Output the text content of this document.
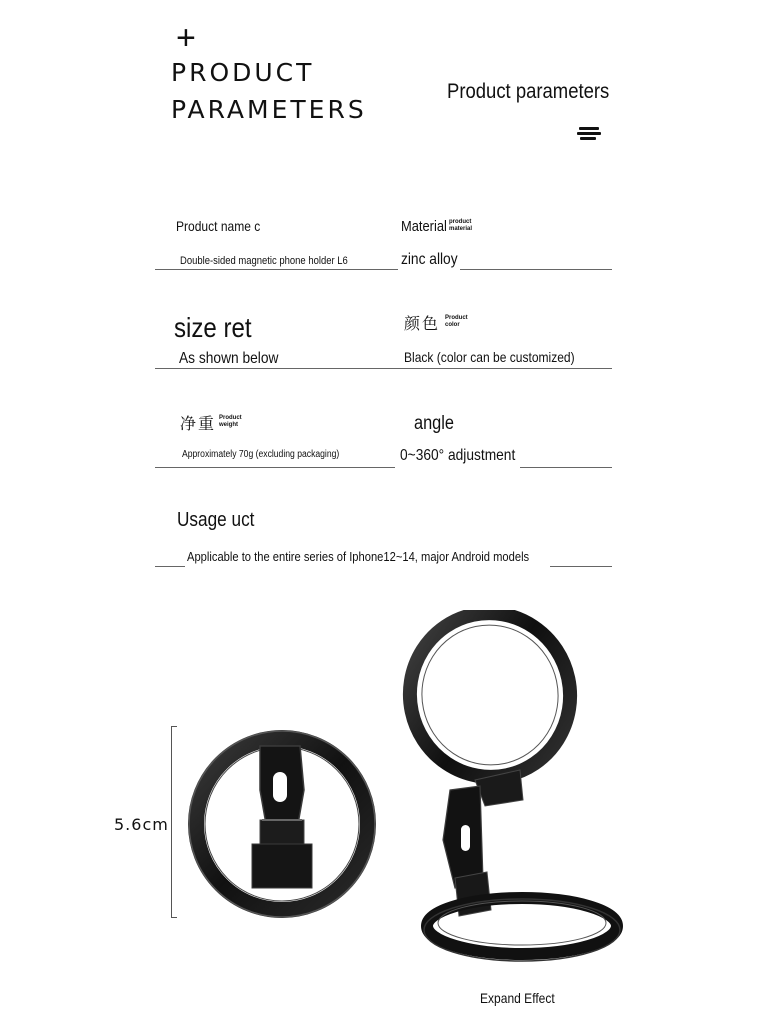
+
PRODUCT
PARAMETERS
Product parameters
Product name c
Double-sided magnetic phone holder L6
Material product
material
zinc alloy
size ret
As shown below
颜色 Product
color
Black (color can be customized)
净重 Product
weight
Approximately 70g (excluding packaging)
angle
0~360° adjustment
Usage uct
Applicable to the entire series of Iphone12~14, major Android models
5.6cm
Expand Effect
